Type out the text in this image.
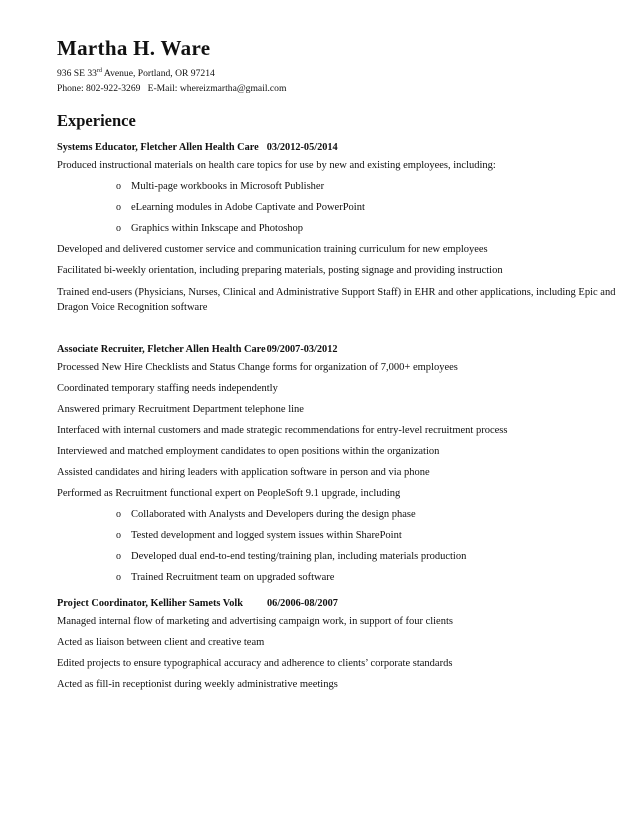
Martha H. Ware
936 SE 33rd Avenue, Portland, OR 97214
Phone: 802-922-3269   E-Mail: whereizmartha@gmail.com
Experience
Systems Educator, Fletcher Allen Health Care 03/2012-05/2014
Produced instructional materials on health care topics for use by new and existing employees, including:
o Multi-page workbooks in Microsoft Publisher
o eLearning modules in Adobe Captivate and PowerPoint
o Graphics within Inkscape and Photoshop
Developed and delivered customer service and communication training curriculum for new employees
Facilitated bi-weekly orientation, including preparing materials, posting signage and providing instruction
Trained end-users (Physicians, Nurses, Clinical and Administrative Support Staff) in EHR and other applications, including Epic and Dragon Voice Recognition software
Associate Recruiter, Fletcher Allen Health Care09/2007-03/2012
Processed New Hire Checklists and Status Change forms for organization of 7,000+ employees
Coordinated temporary staffing needs independently
Answered primary Recruitment Department telephone line
Interfaced with internal customers and made strategic recommendations for entry-level recruitment process
Interviewed and matched employment candidates to open positions within the organization
Assisted candidates and hiring leaders with application software in person and via phone
Performed as Recruitment functional expert on PeopleSoft 9.1 upgrade, including
o Collaborated with Analysts and Developers during the design phase
o Tested development and logged system issues within SharePoint
o Developed dual end-to-end testing/training plan, including materials production
o Trained Recruitment team on upgraded software
Project Coordinator, Kelliher Samets Volk 06/2006-08/2007
Managed internal flow of marketing and advertising campaign work, in support of four clients
Acted as liaison between client and creative team
Edited projects to ensure typographical accuracy and adherence to clients’ corporate standards
Acted as fill-in receptionist during weekly administrative meetings
